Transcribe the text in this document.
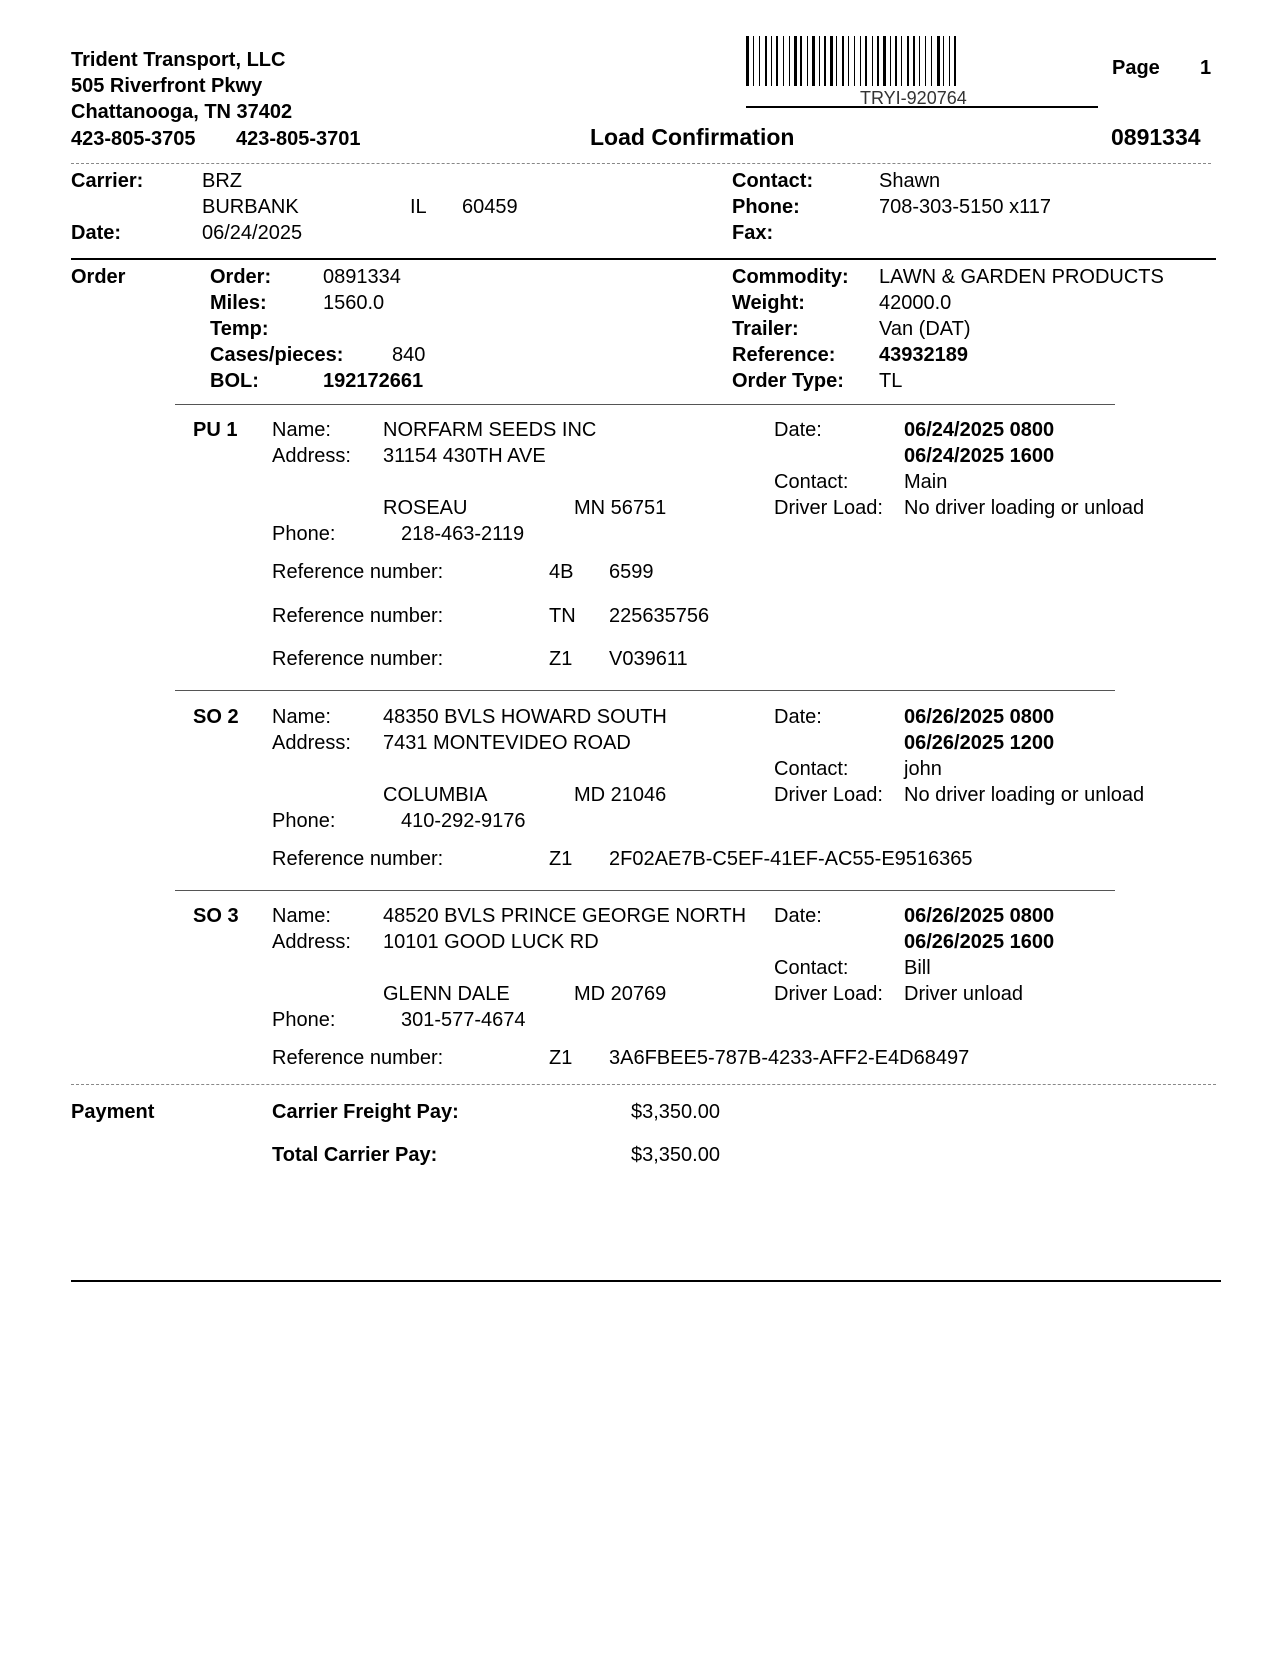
Trident Transport, LLC
505 Riverfront Pkwy
Chattanooga, TN 37402
423-805-3705 423-805-3701
TRYI-920764
Page 1
Load Confirmation	0891334
Carrier:	BRZ
BURBANK	IL 60459
Date:	06/24/2025
Contact:	Shawn
Phone:	708-303-5150 x117
Fax:
Order	Order:	0891334
Miles:	1560.0
Temp:
Cases/pieces: 840
BOL:	192172661
Commodity: LAWN & GARDEN PRODUCTS
Weight:	42000.0
Trailer:	Van (DAT)
Reference: 43932189
Order Type: TL
PU 1 Name:	NORFARM SEEDS INC
Address: 31154 430TH AVE
ROSEAU	MN 56751
Phone:	218-463-2119
Date:	06/24/2025 0800
06/24/2025 1600
Contact:	Main
Driver Load: No driver loading or unload
Reference number:	4B 6599
Reference number:	TN 225635756
Reference number:	Z1 V039611
SO 2 Name:	48350 BVLS HOWARD SOUTH
Address: 7431 MONTEVIDEO ROAD
COLUMBIA	MD 21046
Phone:	410-292-9176
Date:	06/26/2025 0800
06/26/2025 1200
Contact:	john
Driver Load: No driver loading or unload
Reference number:	Z1 2F02AE7B-C5EF-41EF-AC55-E9516365
SO 3 Name:	48520 BVLS PRINCE GEORGE NORTH
Address: 10101 GOOD LUCK RD
GLENN DALE	MD 20769
Phone:	301-577-4674
Date:	06/26/2025 0800
06/26/2025 1600
Contact:	Bill
Driver Load: Driver unload
Reference number:	Z1 3A6FBEE5-787B-4233-AFF2-E4D68497
Payment	Carrier Freight Pay:	$3,350.00
Total Carrier Pay:	$3,350.00
